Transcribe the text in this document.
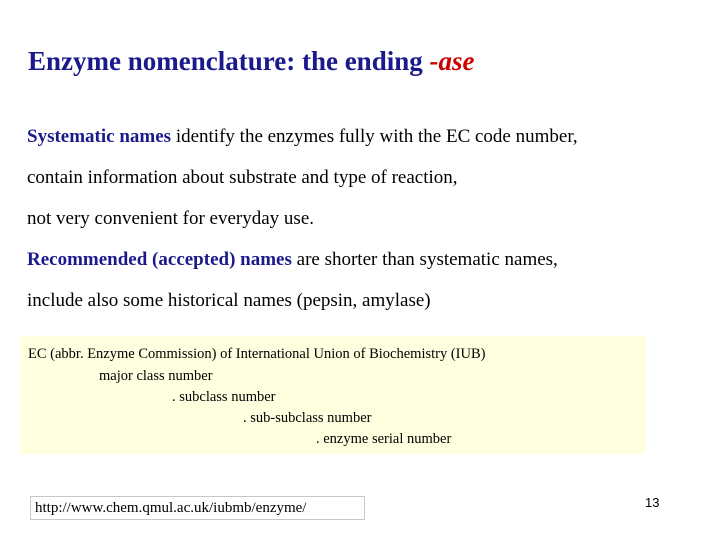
Enzyme nomenclature: the ending -ase
Systematic names identify the enzymes fully with the EC code number,
contain information about substrate and type of reaction,
not very convenient for everyday use.
Recommended (accepted) names are shorter than systematic names,
include also some historical names (pepsin, amylase)
EC (abbr. Enzyme Commission) of International Union of Biochemistry (IUB)
major class number
. subclass number
. sub-subclass number
. enzyme serial number
http://www.chem.qmul.ac.uk/iubmb/enzyme/	13
